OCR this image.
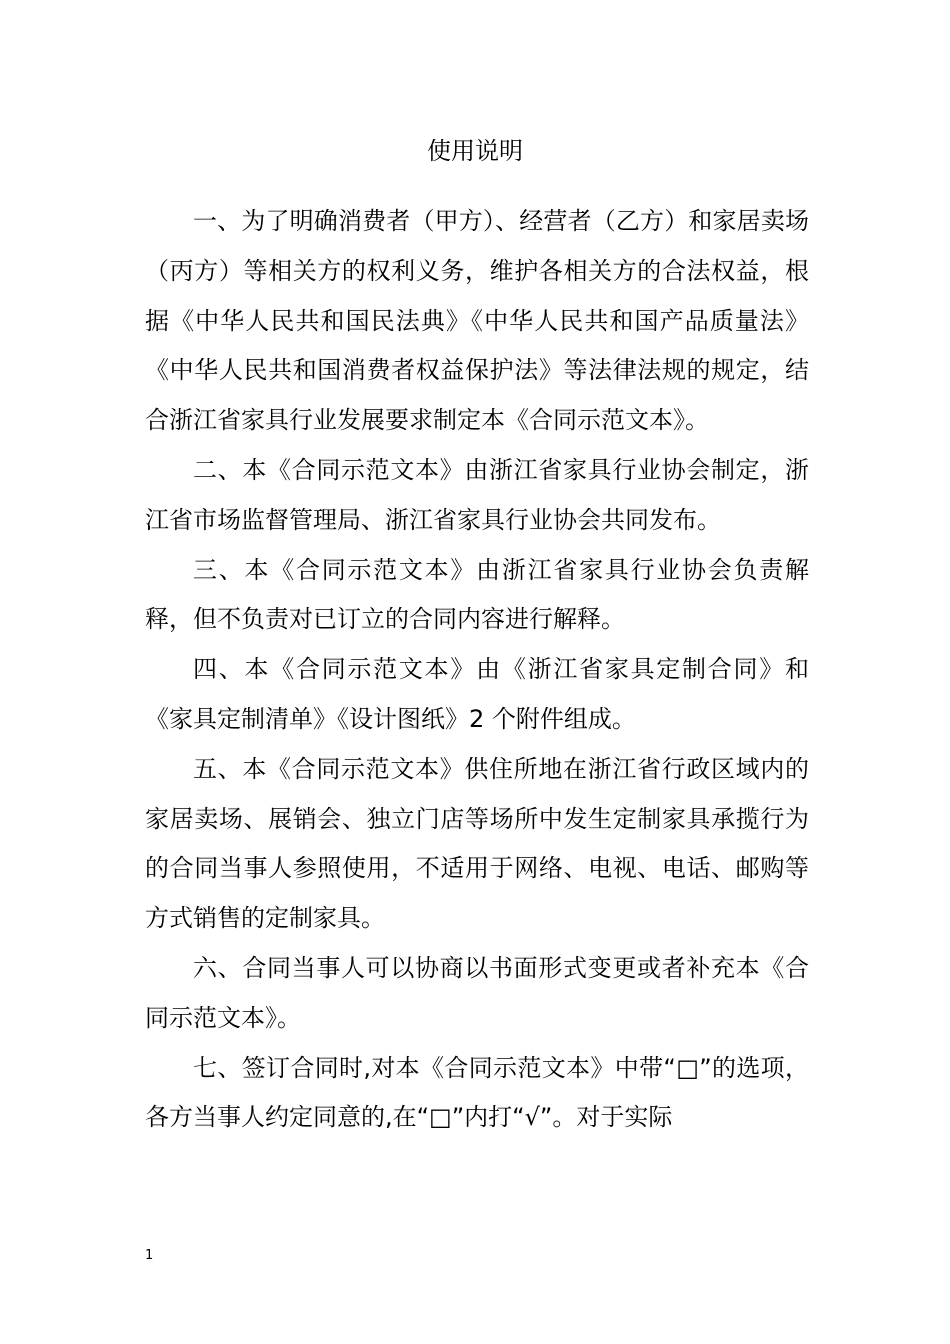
使用说明

一、为了明确消费者（甲方）、经营者（乙方）和家居卖场（丙方）等相关方的权利义务，维护各相关方的合法权益，根据《中华人民共和国民法典》《中华人民共和国产品质量法》《中华人民共和国消费者权益保护法》等法律法规的规定，结合浙江省家具行业发展要求制定本《合同示范文本》。

二、本《合同示范文本》由浙江省家具行业协会制定，浙江省市场监督管理局、浙江省家具行业协会共同发布。

三、本《合同示范文本》由浙江省家具行业协会负责解释，但不负责对已订立的合同内容进行解释。

四、本《合同示范文本》由《浙江省家具定制合同》和《家具定制清单》《设计图纸》2 个附件组成。

五、本《合同示范文本》供住所地在浙江省行政区域内的家居卖场、展销会、独立门店等场所中发生定制家具承揽行为的合同当事人参照使用，不适用于网络、电视、电话、邮购等方式销售的定制家具。

六、合同当事人可以协商以书面形式变更或者补充本《合同示范文本》。

七、签订合同时,对本《合同示范文本》中带“□”的选项，各方当事人约定同意的,在“□”内打“√”。对于实际

1
